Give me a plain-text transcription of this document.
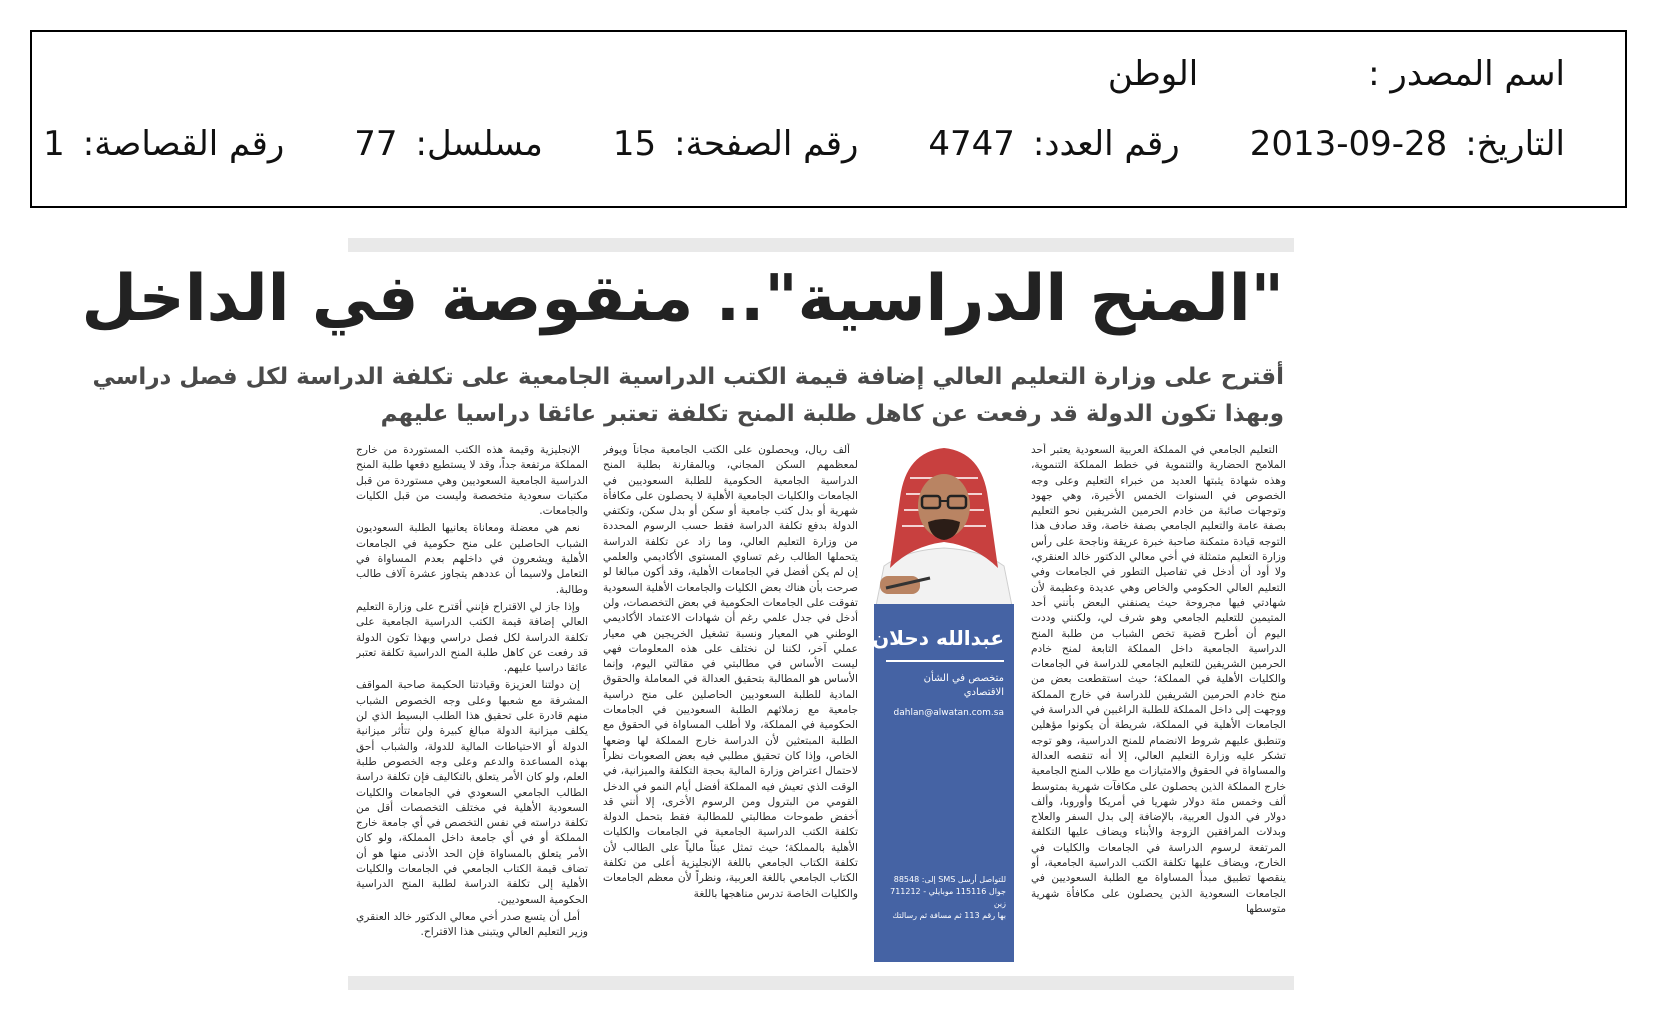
اسم المصدر :
الوطن
التاريخ:
2013-09-28
رقم العدد:
4747
رقم الصفحة:
15
مسلسل:
77
رقم القصاصة:
1
"المنح الدراسية".. منقوصة في الداخل
أقترح على وزارة التعليم العالي إضافة قيمة الكتب الدراسية الجامعية على تكلفة الدراسة لكل فصل دراسي
وبهذا تكون الدولة قد رفعت عن كاهل طلبة المنح تكلفة تعتبر عائقا دراسيا عليهم

التعليم الجامعي في المملكة العربية السعودية يعتبر أحد الملامح الحضارية والتنموية في خطط المملكة التنموية، وهذه شهادة يثبتها العديد من خبراء التعليم وعلى وجه الخصوص في السنوات الخمس الأخيرة، وهي جهود وتوجهات صائبة من خادم الحرمين الشريفين نحو التعليم بصفة عامة والتعليم الجامعي بصفة خاصة، وقد صادف هذا التوجه قيادة متمكنة صاحبة خبرة عريقة وناجحة على رأس وزارة التعليم متمثلة في أخي معالي الدكتور خالد العنقري، ولا أود أن أدخل في تفاصيل التطور في الجامعات وفي التعليم العالي الحكومي والخاص وهي عديدة وعظيمة لأن شهادتي فيها مجروحة حيث يصنفني البعض بأنني أحد المتيمين للتعليم الجامعي وهو شرف لي، ولكنني وددت اليوم أن أطرح قضية تخص الشباب من طلبة المنح الدراسية الجامعية داخل المملكة التابعة لمنح خادم الحرمين الشريفين للتعليم الجامعي للدراسة في الجامعات والكليات الأهلية في المملكة؛ حيث استقطعت بعض من منح خادم الحرمين الشريفين للدراسة في خارج المملكة ووجهت إلى داخل المملكة للطلبة الراغبين في الدراسة في الجامعات الأهلية في المملكة، شريطة أن يكونوا مؤهلين وتنطبق عليهم شروط الانضمام للمنح الدراسية، وهو توجه تشكر عليه وزارة التعليم العالي، إلا أنه تنقصه العدالة والمساواة في الحقوق والامتيازات مع طلاب المنح الجامعية خارج المملكة الذين يحصلون على مكافآت شهرية بمتوسط ألف وخمس مئة دولار شهريا في أمريكا وأوروبا، وألف دولار في الدول العربية، بالإضافة إلى بدل السفر والعلاج وبدلات المرافقين الزوجة والأبناء ويضاف عليها التكلفة المرتفعة لرسوم الدراسة في الجامعات والكليات في الخارج، ويضاف عليها تكلفة الكتب الدراسية الجامعية، أو ينقصها تطبيق مبدأ المساواة مع الطلبة السعوديين في الجامعات السعودية الذين يحصلون على مكافأة شهرية متوسطها

عبدالله دحلان
متخصص في الشأن
الاقتصادي
dahlan@alwatan.com.sa
للتواصل أرسل SMS إلى: 88548
جوال 115116 موبايلي - 711212 زين
بها رقم 113 ثم مسافة ثم رسالتك

ألف ريال، ويحصلون على الكتب الجامعية مجاناً ويوفر لمعظمهم السكن المجاني، وبالمقارنة بطلبة المنح الدراسية الجامعية الحكومية للطلبة السعوديين في الجامعات والكليات الجامعية الأهلية لا يحصلون على مكافأة شهرية أو بدل كتب جامعية أو سكن أو بدل سكن، وتكتفي الدولة بدفع تكلفة الدراسة فقط حسب الرسوم المحددة من وزارة التعليم العالي، وما زاد عن تكلفة الدراسة يتحملها الطالب رغم تساوي المستوى الأكاديمي والعلمي إن لم يكن أفضل في الجامعات الأهلية، وقد أكون مبالغا لو صرحت بأن هناك بعض الكليات والجامعات الأهلية السعودية تفوقت على الجامعات الحكومية في بعض التخصصات، ولن أدخل في جدل علمي رغم أن شهادات الاعتماد الأكاديمي الوطني هي المعيار ونسبة تشغيل الخريجين هي معيار عملي آخر، لكننا لن نختلف على هذه المعلومات فهي ليست الأساس في مطالبتي في مقالتي اليوم، وإنما الأساس هو المطالبة بتحقيق العدالة في المعاملة والحقوق المادية للطلبة السعوديين الحاصلين على منح دراسية جامعية مع زملائهم الطلبة السعوديين في الجامعات الحكومية في المملكة، ولا أطلب المساواة في الحقوق مع الطلبة المبتعثين لأن الدراسة خارج المملكة لها وضعها الخاص، وإذا كان تحقيق مطلبي فيه بعض الصعوبات نظراً لاحتمال اعتراض وزارة المالية بحجة التكلفة والميزانية، في الوقت الذي تعيش فيه المملكة أفضل أيام النمو في الدخل القومي من البترول ومن الرسوم الأخرى، إلا أنني قد أخفض طموحات مطالبتي للمطالبة فقط بتحمل الدولة تكلفة الكتب الدراسية الجامعية في الجامعات والكليات الأهلية بالمملكة؛ حيث تمثل عبئاً مالياً على الطالب لأن تكلفة الكتاب الجامعي باللغة الإنجليزية أعلى من تكلفة الكتاب الجامعي باللغة العربية، ونظراً لأن معظم الجامعات والكليات الخاصة تدرس مناهجها باللغة

الإنجليزية وقيمة هذه الكتب المستوردة من خارج المملكة مرتفعة جداً، وقد لا يستطيع دفعها طلبة المنح الدراسية الجامعية السعوديين وهي مستوردة من قبل مكتبات سعودية متخصصة وليست من قبل الكليات والجامعات.

نعم هي معضلة ومعاناة يعانيها الطلبة السعوديون الشباب الحاصلين على منح حكومية في الجامعات الأهلية ويشعرون في داخلهم بعدم المساواة في التعامل ولاسيما أن عددهم يتجاوز عشرة آلاف طالب وطالبة.

وإذا جاز لي الاقتراح فإنني أقترح على وزارة التعليم العالي إضافة قيمة الكتب الدراسية الجامعية على تكلفة الدراسة لكل فصل دراسي وبهذا تكون الدولة قد رفعت عن كاهل طلبة المنح الدراسية تكلفة تعتبر عائقا دراسيا عليهم.

إن دولتنا العزيزة وقيادتنا الحكيمة صاحبة المواقف المشرفة مع شعبها وعلى وجه الخصوص الشباب منهم قادرة على تحقيق هذا الطلب البسيط الذي لن يكلف ميزانية الدولة مبالغ كبيرة ولن تتأثر ميزانية الدولة أو الاحتياطات المالية للدولة، والشباب أحق بهذه المساعدة والدعم وعلى وجه الخصوص طلبة العلم، ولو كان الأمر يتعلق بالتكاليف فإن تكلفة دراسة الطالب الجامعي السعودي في الجامعات والكليات السعودية الأهلية في مختلف التخصصات أقل من تكلفة دراسته في نفس التخصص في أي جامعة خارج المملكة أو في أي جامعة داخل المملكة، ولو كان الأمر يتعلق بالمساواة فإن الحد الأدنى منها هو أن تضاف قيمة الكتاب الجامعي في الجامعات والكليات الأهلية إلى تكلفة الدراسة لطلبة المنح الدراسية الحكومية السعوديين.

أمل أن يتسع صدر أخي معالي الدكتور خالد العنقري وزير التعليم العالي ويتبنى هذا الاقتراح.
